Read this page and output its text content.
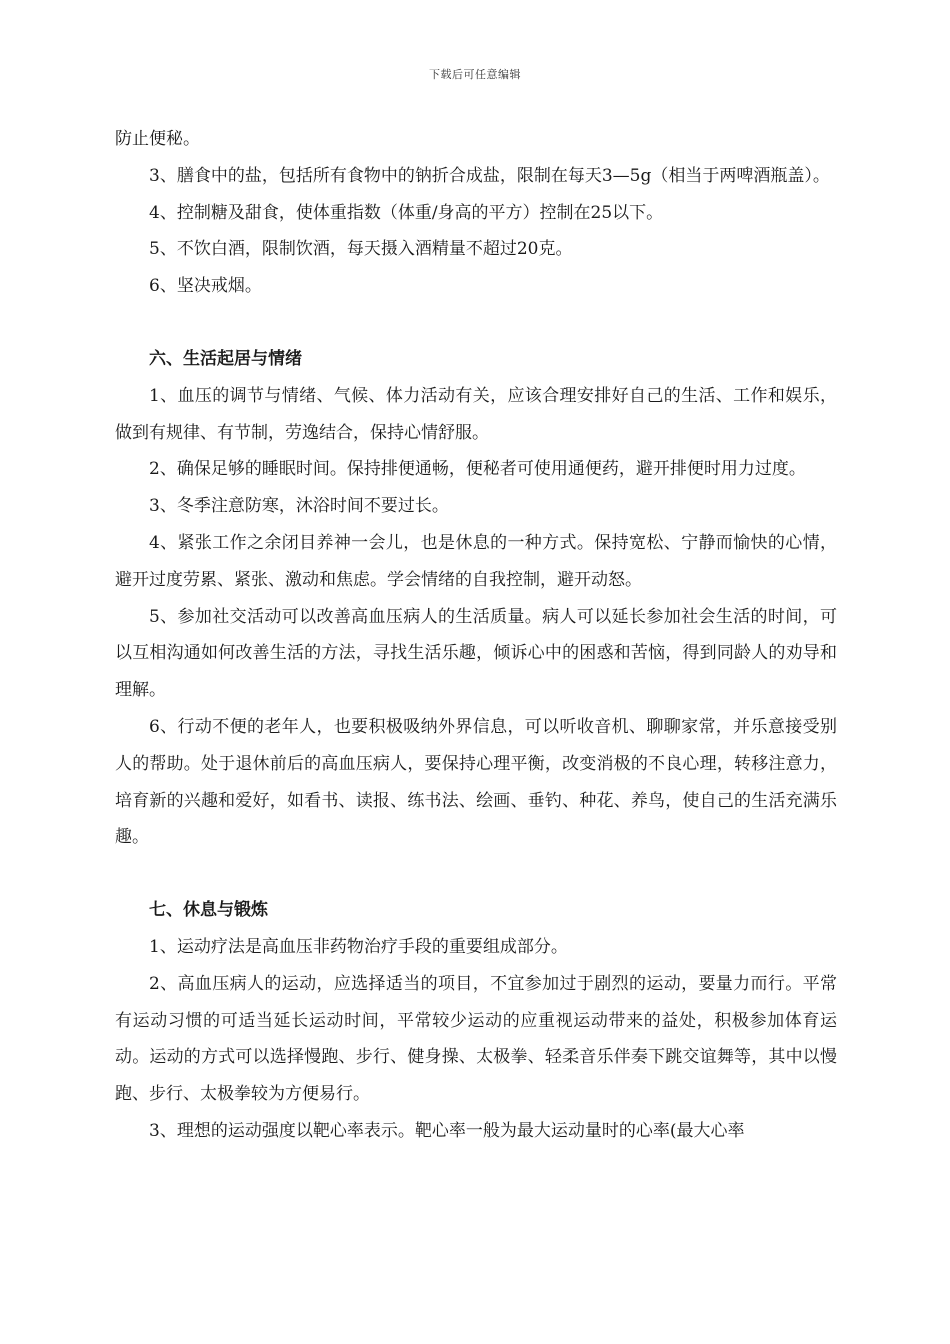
下载后可任意编辑

防止便秘。

3、膳食中的盐，包括所有食物中的钠折合成盐，限制在每天3—5g（相当于两啤酒瓶盖）。

4、控制糖及甜食，使体重指数（体重/身高的平方）控制在25以下。

5、不饮白酒，限制饮酒，每天摄入酒精量不超过20克。

6、坚决戒烟。

六、生活起居与情绪

1、血压的调节与情绪、气候、体力活动有关，应该合理安排好自己的生活、工作和娱乐，做到有规律、有节制，劳逸结合，保持心情舒服。

2、确保足够的睡眠时间。保持排便通畅，便秘者可使用通便药，避开排便时用力过度。

3、冬季注意防寒，沐浴时间不要过长。

4、紧张工作之余闭目养神一会儿，也是休息的一种方式。保持宽松、宁静而愉快的心情，避开过度劳累、紧张、激动和焦虑。学会情绪的自我控制，避开动怒。

5、参加社交活动可以改善高血压病人的生活质量。病人可以延长参加社会生活的时间，可以互相沟通如何改善生活的方法，寻找生活乐趣，倾诉心中的困惑和苦恼，得到同龄人的劝导和理解。

6、行动不便的老年人，也要积极吸纳外界信息，可以听收音机、聊聊家常，并乐意接受别人的帮助。处于退休前后的高血压病人，要保持心理平衡，改变消极的不良心理，转移注意力，培育新的兴趣和爱好，如看书、读报、练书法、绘画、垂钓、种花、养鸟，使自己的生活充满乐趣。

七、休息与锻炼

1、运动疗法是高血压非药物治疗手段的重要组成部分。

2、高血压病人的运动，应选择适当的项目，不宜参加过于剧烈的运动，要量力而行。平常有运动习惯的可适当延长运动时间，平常较少运动的应重视运动带来的益处，积极参加体育运动。运动的方式可以选择慢跑、步行、健身操、太极拳、轻柔音乐伴奏下跳交谊舞等，其中以慢跑、步行、太极拳较为方便易行。

3、理想的运动强度以靶心率表示。靶心率一般为最大运动量时的心率(最大心率
